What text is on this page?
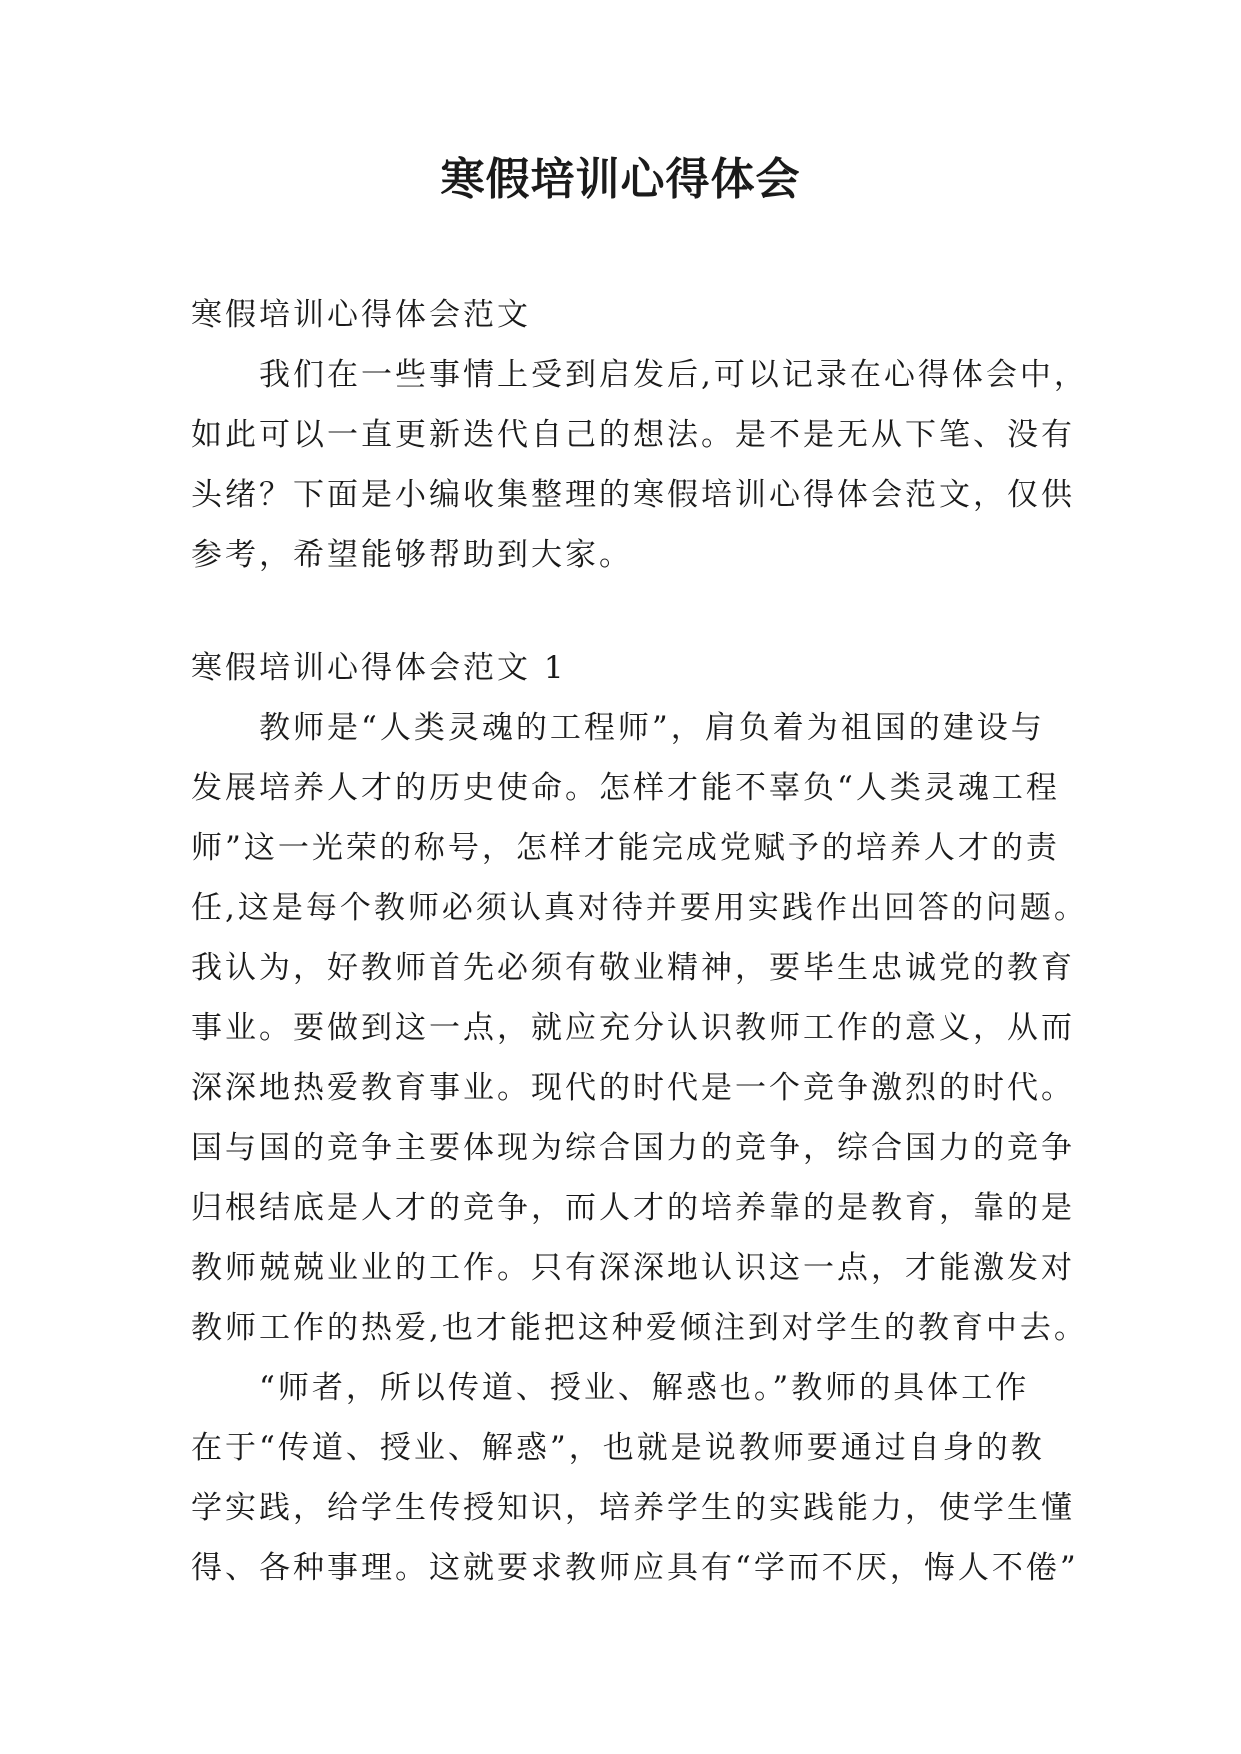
寒假培训心得体会
寒假培训心得体会范文
我们在一些事情上受到启发后,可以记录在心得体会中，
如此可以一直更新迭代自己的想法。是不是无从下笔、没有
头绪？下面是小编收集整理的寒假培训心得体会范文，仅供
参考，希望能够帮助到大家。
寒假培训心得体会范文 1
教师是“人类灵魂的工程师”，肩负着为祖国的建设与
发展培养人才的历史使命。怎样才能不辜负“人类灵魂工程
师”这一光荣的称号，怎样才能完成党赋予的培养人才的责
任,这是每个教师必须认真对待并要用实践作出回答的问题。
我认为，好教师首先必须有敬业精神，要毕生忠诚党的教育
事业。要做到这一点，就应充分认识教师工作的意义，从而
深深地热爱教育事业。现代的时代是一个竞争激烈的时代。
国与国的竞争主要体现为综合国力的竞争，综合国力的竞争
归根结底是人才的竞争，而人才的培养靠的是教育，靠的是
教师兢兢业业的工作。只有深深地认识这一点，才能激发对
教师工作的热爱,也才能把这种爱倾注到对学生的教育中去。
“师者，所以传道、授业、解惑也。”教师的具体工作
在于“传道、授业、解惑”，也就是说教师要通过自身的教
学实践，给学生传授知识，培养学生的实践能力，使学生懂
得、各种事理。这就要求教师应具有“学而不厌，悔人不倦”
